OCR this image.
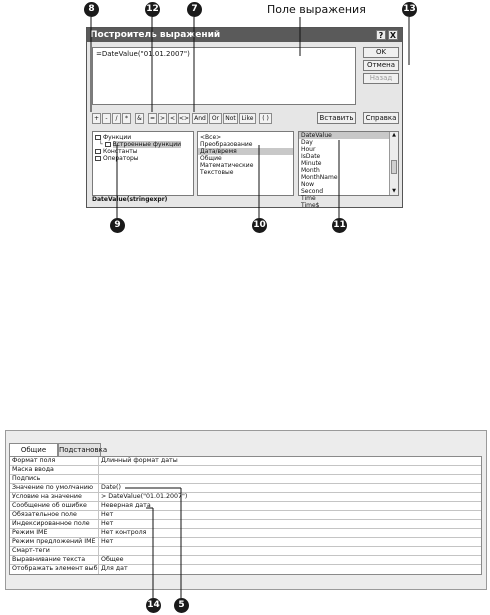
8	12	7	Поле выражения	13
Построитель выражений	? X
=DateValue("01.01.2007")	OK
Отмена
Назад
+	-	/	*	&	= > < <> And	Or	Not Like	( )	Вставить	Справка
Функции
└ Встроенные функции
Константы
Операторы
<Все>
Преобразование
Дата/время
Общие
Математические
Текстовые
DateValue
Day
Hour
IsDate
Minute
Month
MonthName
Now
Second
Time
Time$
▲
▼
DateValue(stringexpr)
9	10	11
Общие	Подстановка
Формат поля	Длинный формат даты
Маска ввода
Подпись
Значение по умолчанию	Date()
Условие на значение	> DateValue("01.01.2007")
Сообщение об ошибке	Неверная дата
Обязательное поле	Нет
Индексированное поле	Нет
Режим IME	Нет контроля
Режим предложений IME Нет
Смарт-теги
Выравнивание текста	Общее
Отображать элемент выб Для дат
14	5
